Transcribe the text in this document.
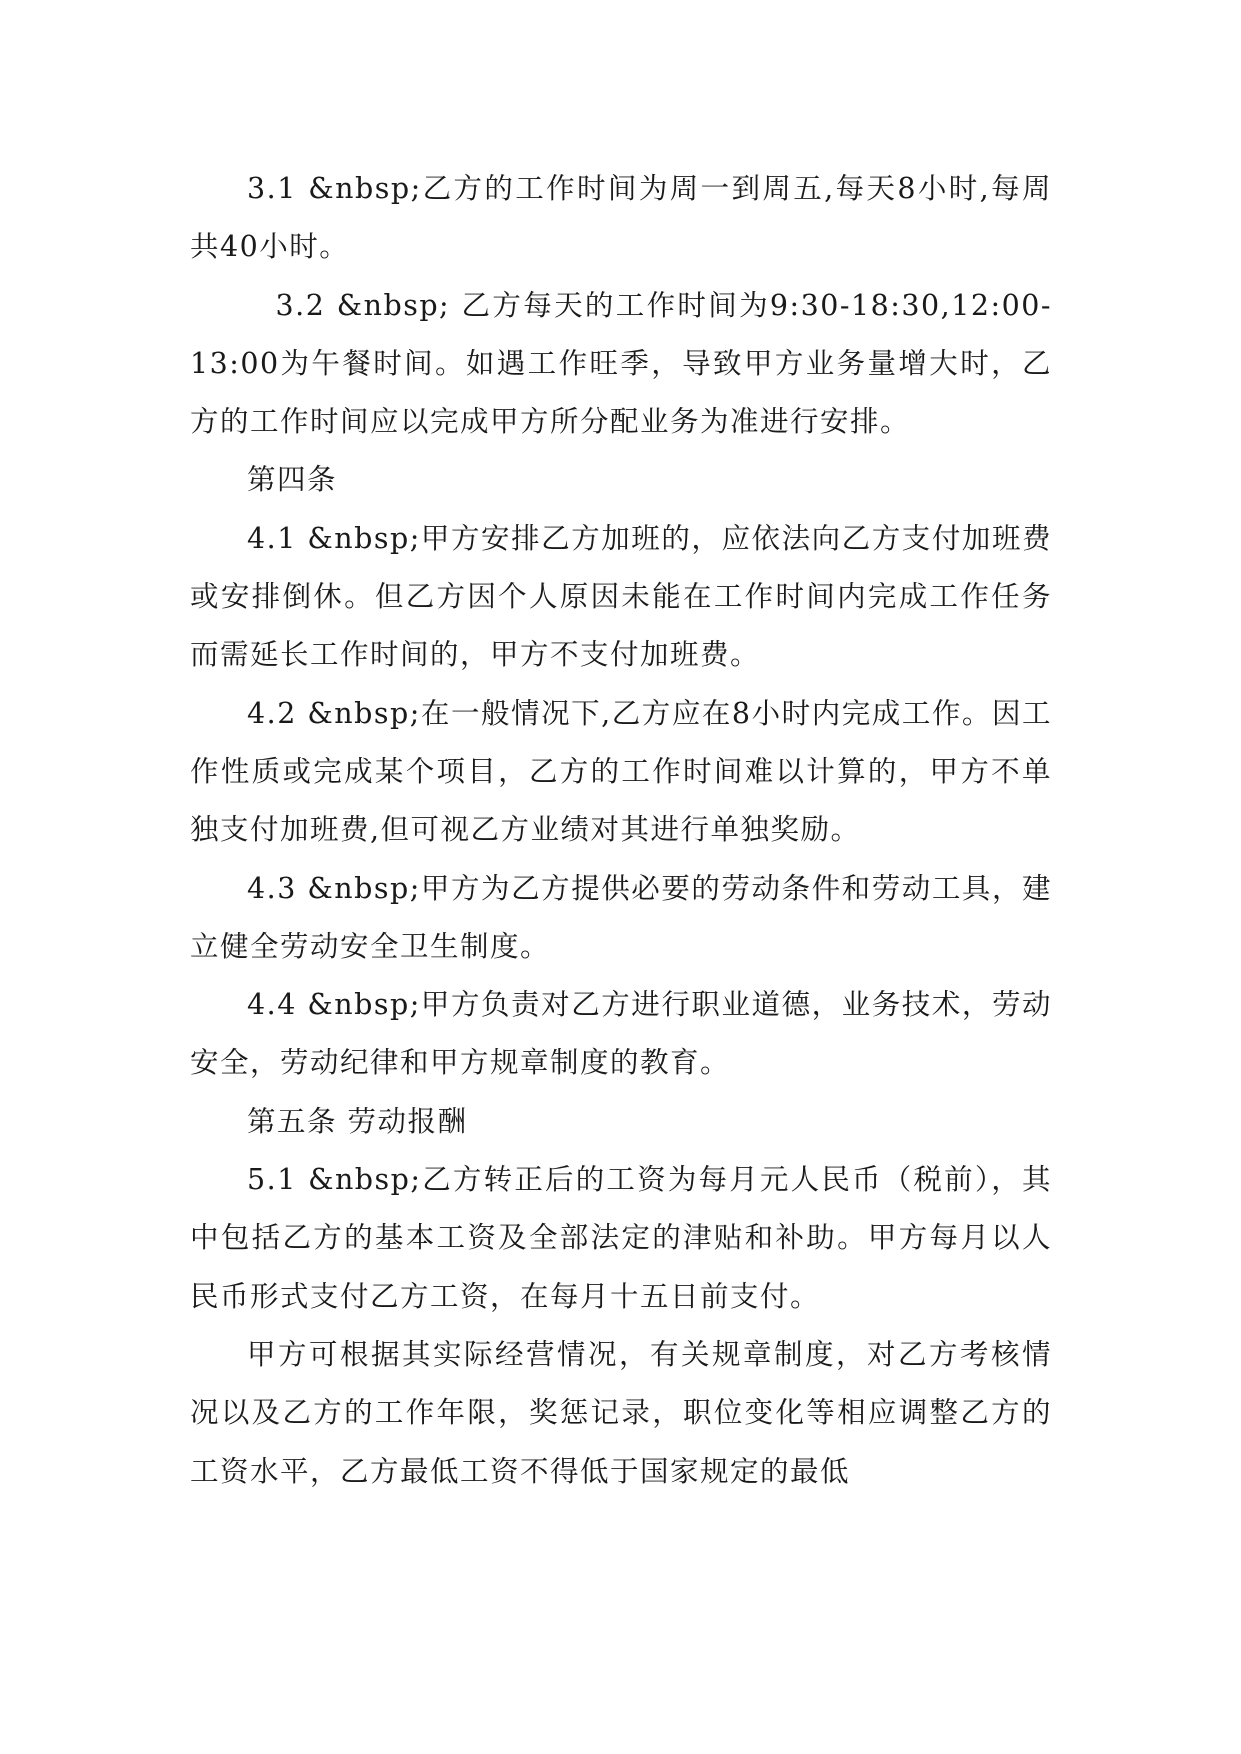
3.1 &nbsp;乙方的工作时间为周一到周五,每天8小时,每周共40小时。

3.2 &nbsp; 乙方每天的工作时间为9:30-18:30,12:00-13:00为午餐时间。如遇工作旺季，导致甲方业务量增大时，乙方的工作时间应以完成甲方所分配业务为准进行安排。

第四条

4.1 &nbsp;甲方安排乙方加班的，应依法向乙方支付加班费或安排倒休。但乙方因个人原因未能在工作时间内完成工作任务而需延长工作时间的，甲方不支付加班费。

4.2 &nbsp;在一般情况下,乙方应在8小时内完成工作。因工作性质或完成某个项目，乙方的工作时间难以计算的，甲方不单独支付加班费,但可视乙方业绩对其进行单独奖励。

4.3 &nbsp;甲方为乙方提供必要的劳动条件和劳动工具，建立健全劳动安全卫生制度。

4.4 &nbsp;甲方负责对乙方进行职业道德，业务技术，劳动安全，劳动纪律和甲方规章制度的教育。

第五条 劳动报酬

5.1 &nbsp;乙方转正后的工资为每月元人民币（税前），其中包括乙方的基本工资及全部法定的津贴和补助。甲方每月以人民币形式支付乙方工资，在每月十五日前支付。

甲方可根据其实际经营情况，有关规章制度，对乙方考核情况以及乙方的工作年限，奖惩记录，职位变化等相应调整乙方的工资水平，乙方最低工资不得低于国家规定的最低
